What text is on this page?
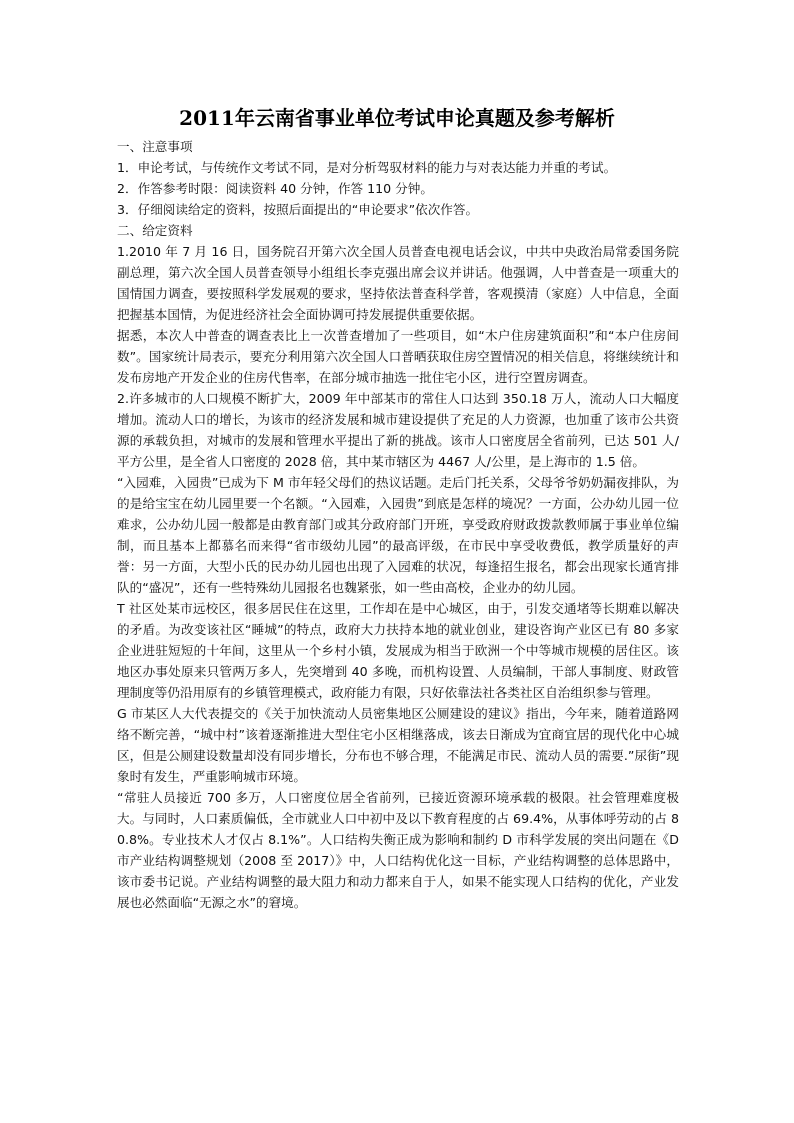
2011年云南省事业单位考试申论真题及参考解析

一、注意事项

1．申论考试，与传统作文考试不同，是对分析驾驭材料的能力与对表达能力并重的考试。

2．作答参考时限：阅读资料 40 分钟，作答 110 分钟。

3．仔细阅读给定的资料，按照后面提出的“申论要求”依次作答。

二、给定资料

1.2010 年 7 月 16 日，国务院召开第六次全国人员普查电视电话会议，中共中央政治局常委国务院副总理，第六次全国人员普查领导小组组长李克强出席会议并讲话。他强调，人中普查是一项重大的国情国力调查，要按照科学发展观的要求，坚持依法普查科学普，客观摸清（家庭）人中信息，全面把握基本国情，为促进经济社会全面协调可持发展提供重要依据。

据悉，本次人中普查的调查表比上一次普查增加了一些项目，如“木户住房建筑面积”和“本户住房间数”。国家统计局表示，要充分利用第六次全国人口普晒获取住房空置情况的相关信息，将继续统计和发布房地产开发企业的住房代售率，在部分城市抽选一批住宅小区，进行空置房调查。

2.许多城市的人口规模不断扩大，2009 年中部某市的常住人口达到 350.18 万人，流动人口大幅度增加。流动人口的增长，为该市的经济发展和城市建设提供了充足的人力资源，也加重了该市公共资源的承载负担，对城市的发展和管理水平提出了新的挑战。该市人口密度居全省前列，已达 501 人/平方公里，是全省人口密度的 2028 倍，其中某市辖区为 4467 人/公里，是上海市的 1.5 倍。

“入园难，入园贵”已成为下 M 市年轻父母们的热议话题。走后门托关系，父母爷爷奶奶漏夜排队，为的是给宝宝在幼儿园里要一个名额。“入园难，入园贵”到底是怎样的境况？一方面，公办幼儿园一位难求，公办幼儿园一般都是由教育部门或其分政府部门开班，享受政府财政拨款教师属于事业单位编制，而且基本上都慕名而来得“省市级幼儿园”的最高评级，在市民中享受收费低，教学质量好的声誉：另一方面，大型小氏的民办幼儿园也出现了入园难的状况，每逢招生报名，都会出现家长通宵排队的“盛况”，还有一些特殊幼儿园报名也魏紧张，如一些由高校，企业办的幼儿园。

T 社区处某市远校区，很多居民住在这里，工作却在是中心城区，由于，引发交通堵等长期难以解决的矛盾。为改变该社区“睡城”的特点，政府大力扶持本地的就业创业，建设咨询产业区已有 80 多家企业进驻短短的十年间，这里从一个乡村小镇，发展成为相当于欧洲一个中等城市规模的居住区。该地区办事处原来只管两万多人，先突增到 40 多晚，而机构设置、人员编制，干部人事制度、财政管理制度等仍沿用原有的乡镇管理模式，政府能力有限，只好依靠法社各类社区自治组织参与管理。

G 市某区人大代表提交的《关于加快流动人员密集地区公厕建设的建议》指出，今年来，随着道路网络不断完善，“城中村”该着逐渐推进大型住宅小区相继落成，该去日渐成为宜商宜居的现代化中心城区，但是公厕建设数量却没有同步增长，分布也不够合理，不能满足市民、流动人员的需要.”尿街”现象时有发生，严重影响城市环境。

“常驻人员接近 700 多万，人口密度位居全省前列，已接近资源环境承载的极限。社会管理难度极大。与同时，人口素质偏低，全市就业人口中初中及以下教育程度的占 69.4%，从事体呼劳动的占 80.8%。专业技术人才仅占 8.1%”。人口结构失衡正成为影响和制约 D 市科学发展的突出问题在《D 市产业结构调整规划（2008 至 2017）》中，人口结构优化这一目标，产业结构调整的总体思路中，该市委书记说。产业结构调整的最大阻力和动力都来自于人，如果不能实现人口结构的优化，产业发展也必然面临“无源之水”的窘境。
